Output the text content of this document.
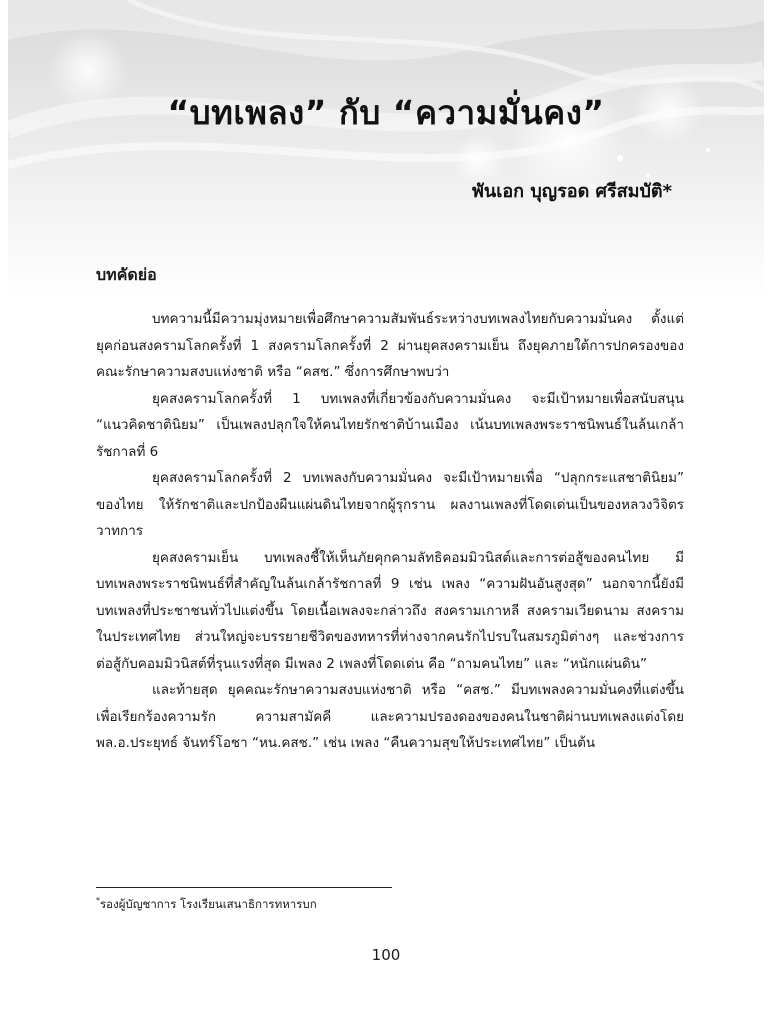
“บทเพลง” กับ “ความมั่นคง”

พันเอก บุญรอด ศรีสมบัติ*

บทคัดย่อ

บทความนี้มีความมุ่งหมายเพื่อศึกษาความสัมพันธ์ระหว่างบทเพลงไทยกับความมั่นคง ตั้งแต่ยุคก่อนสงครามโลกครั้งที่ 1 สงครามโลกครั้งที่ 2 ผ่านยุคสงครามเย็น ถึงยุคภายใต้การปกครองของคณะรักษาความสงบแห่งชาติ หรือ “คสช.” ซึ่งการศึกษาพบว่า

ยุคสงครามโลกครั้งที่ 1 บทเพลงที่เกี่ยวข้องกับความมั่นคง จะมีเป้าหมายเพื่อสนับสนุน “แนวคิดชาตินิยม” เป็นเพลงปลุกใจให้คนไทยรักชาติบ้านเมือง เน้นบทเพลงพระราชนิพนธ์ในล้นเกล้ารัชกาลที่ 6

ยุคสงครามโลกครั้งที่ 2 บทเพลงกับความมั่นคง จะมีเป้าหมายเพื่อ “ปลุกกระแสชาตินิยม” ของไทย ให้รักชาติและปกป้องผืนแผ่นดินไทยจากผู้รุกราน ผลงานเพลงที่โดดเด่นเป็นของหลวงวิจิตรวาทการ

ยุคสงครามเย็น บทเพลงชี้ให้เห็นภัยคุกคามลัทธิคอมมิวนิสต์และการต่อสู้ของคนไทย มีบทเพลงพระราชนิพนธ์ที่สำคัญในล้นเกล้ารัชกาลที่ 9 เช่น เพลง “ความฝันอันสูงสุด” นอกจากนี้ยังมีบทเพลงที่ประชาชนทั่วไปแต่งขึ้น โดยเนื้อเพลงจะกล่าวถึง สงครามเกาหลี สงครามเวียดนาม สงครามในประเทศไทย ส่วนใหญ่จะบรรยายชีวิตของทหารที่ห่างจากคนรักไปรบในสมรภูมิต่างๆ และช่วงการต่อสู้กับคอมมิวนิสต์ที่รุนแรงที่สุด มีเพลง 2 เพลงที่โดดเด่น คือ “ถามคนไทย” และ “หนักแผ่นดิน”

และท้ายสุด ยุคคณะรักษาความสงบแห่งชาติ หรือ “คสช.” มีบทเพลงความมั่นคงที่แต่งขึ้น เพื่อเรียกร้องความรัก ความสามัคคี และความปรองดองของคนในชาติผ่านบทเพลงแต่งโดย พล.อ.ประยุทธ์ จันทร์โอชา “หน.คสช.” เช่น เพลง “คืนความสุขให้ประเทศไทย” เป็นต้น

*รองผู้บัญชาการ โรงเรียนเสนาธิการทหารบก

100
